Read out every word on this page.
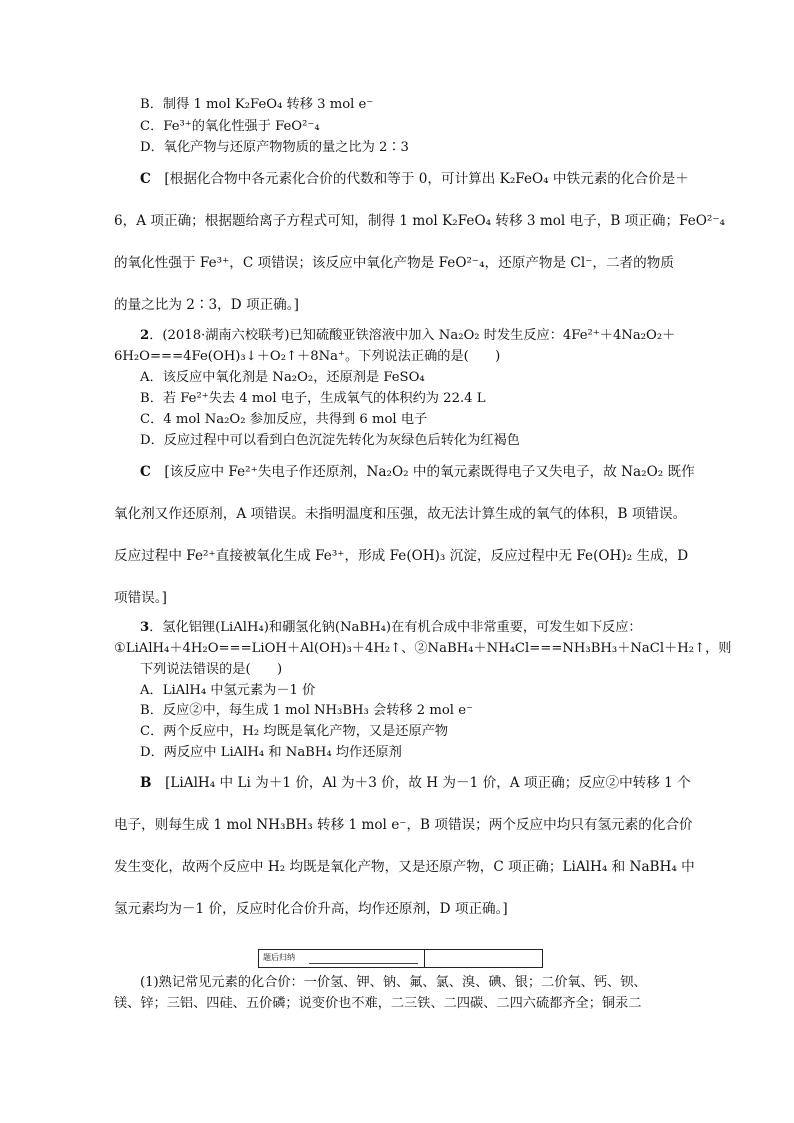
B．制得 1 mol K₂FeO₄ 转移 3 mol e⁻
C．Fe³⁺的氧化性强于 FeO²⁻₄
D．氧化产物与还原产物物质的量之比为 2∶3
C　[根据化合物中各元素化合价的代数和等于 0，可计算出 K₂FeO₄ 中铁元素的化合价是＋
6，A 项正确；根据题给离子方程式可知，制得 1 mol K₂FeO₄ 转移 3 mol 电子，B 项正确；FeO²⁻₄
的氧化性强于 Fe³⁺，C 项错误；该反应中氧化产物是 FeO²⁻₄，还原产物是 Cl⁻，二者的物质
的量之比为 2∶3，D 项正确。]
2．(2018·湖南六校联考)已知硫酸亚铁溶液中加入 Na₂O₂ 时发生反应：4Fe²⁺＋4Na₂O₂＋
6H₂O===4Fe(OH)₃↓＋O₂↑＋8Na⁺。下列说法正确的是(　　)
A．该反应中氧化剂是 Na₂O₂，还原剂是 FeSO₄
B．若 Fe²⁺失去 4 mol 电子，生成氧气的体积约为 22.4 L
C．4 mol Na₂O₂ 参加反应，共得到 6 mol 电子
D．反应过程中可以看到白色沉淀先转化为灰绿色后转化为红褐色
C　[该反应中 Fe²⁺失电子作还原剂，Na₂O₂ 中的氧元素既得电子又失电子，故 Na₂O₂ 既作
氧化剂又作还原剂，A 项错误。未指明温度和压强，故无法计算生成的氧气的体积，B 项错误。
反应过程中 Fe²⁺直接被氧化生成 Fe³⁺，形成 Fe(OH)₃ 沉淀，反应过程中无 Fe(OH)₂ 生成，D
项错误。]
3．氢化铝锂(LiAlH₄)和硼氢化钠(NaBH₄)在有机合成中非常重要，可发生如下反应：
①LiAlH₄＋4H₂O===LiOH＋Al(OH)₃＋4H₂↑、②NaBH₄＋NH₄Cl===NH₃BH₃＋NaCl＋H₂↑，则
下列说法错误的是(　　)
A．LiAlH₄ 中氢元素为－1 价
B．反应②中，每生成 1 mol NH₃BH₃ 会转移 2 mol e⁻
C．两个反应中，H₂ 均既是氧化产物，又是还原产物
D．两反应中 LiAlH₄ 和 NaBH₄ 均作还原剂
B　[LiAlH₄ 中 Li 为＋1 价，Al 为＋3 价，故 H 为－1 价，A 项正确；反应②中转移 1 个
电子，则每生成 1 mol NH₃BH₃ 转移 1 mol e⁻，B 项错误；两个反应中均只有氢元素的化合价
发生变化，故两个反应中 H₂ 均既是氧化产物，又是还原产物，C 项正确；LiAlH₄ 和 NaBH₄ 中
氢元素均为－1 价，反应时化合价升高，均作还原剂，D 项正确。]
题后归纳
(1)熟记常见元素的化合价：一价氢、钾、钠、氟、氯、溴、碘、银；二价氧、钙、钡、
镁、锌；三铝、四硅、五价磷；说变价也不难，二三铁、二四碳、二四六硫都齐全；铜汞二
